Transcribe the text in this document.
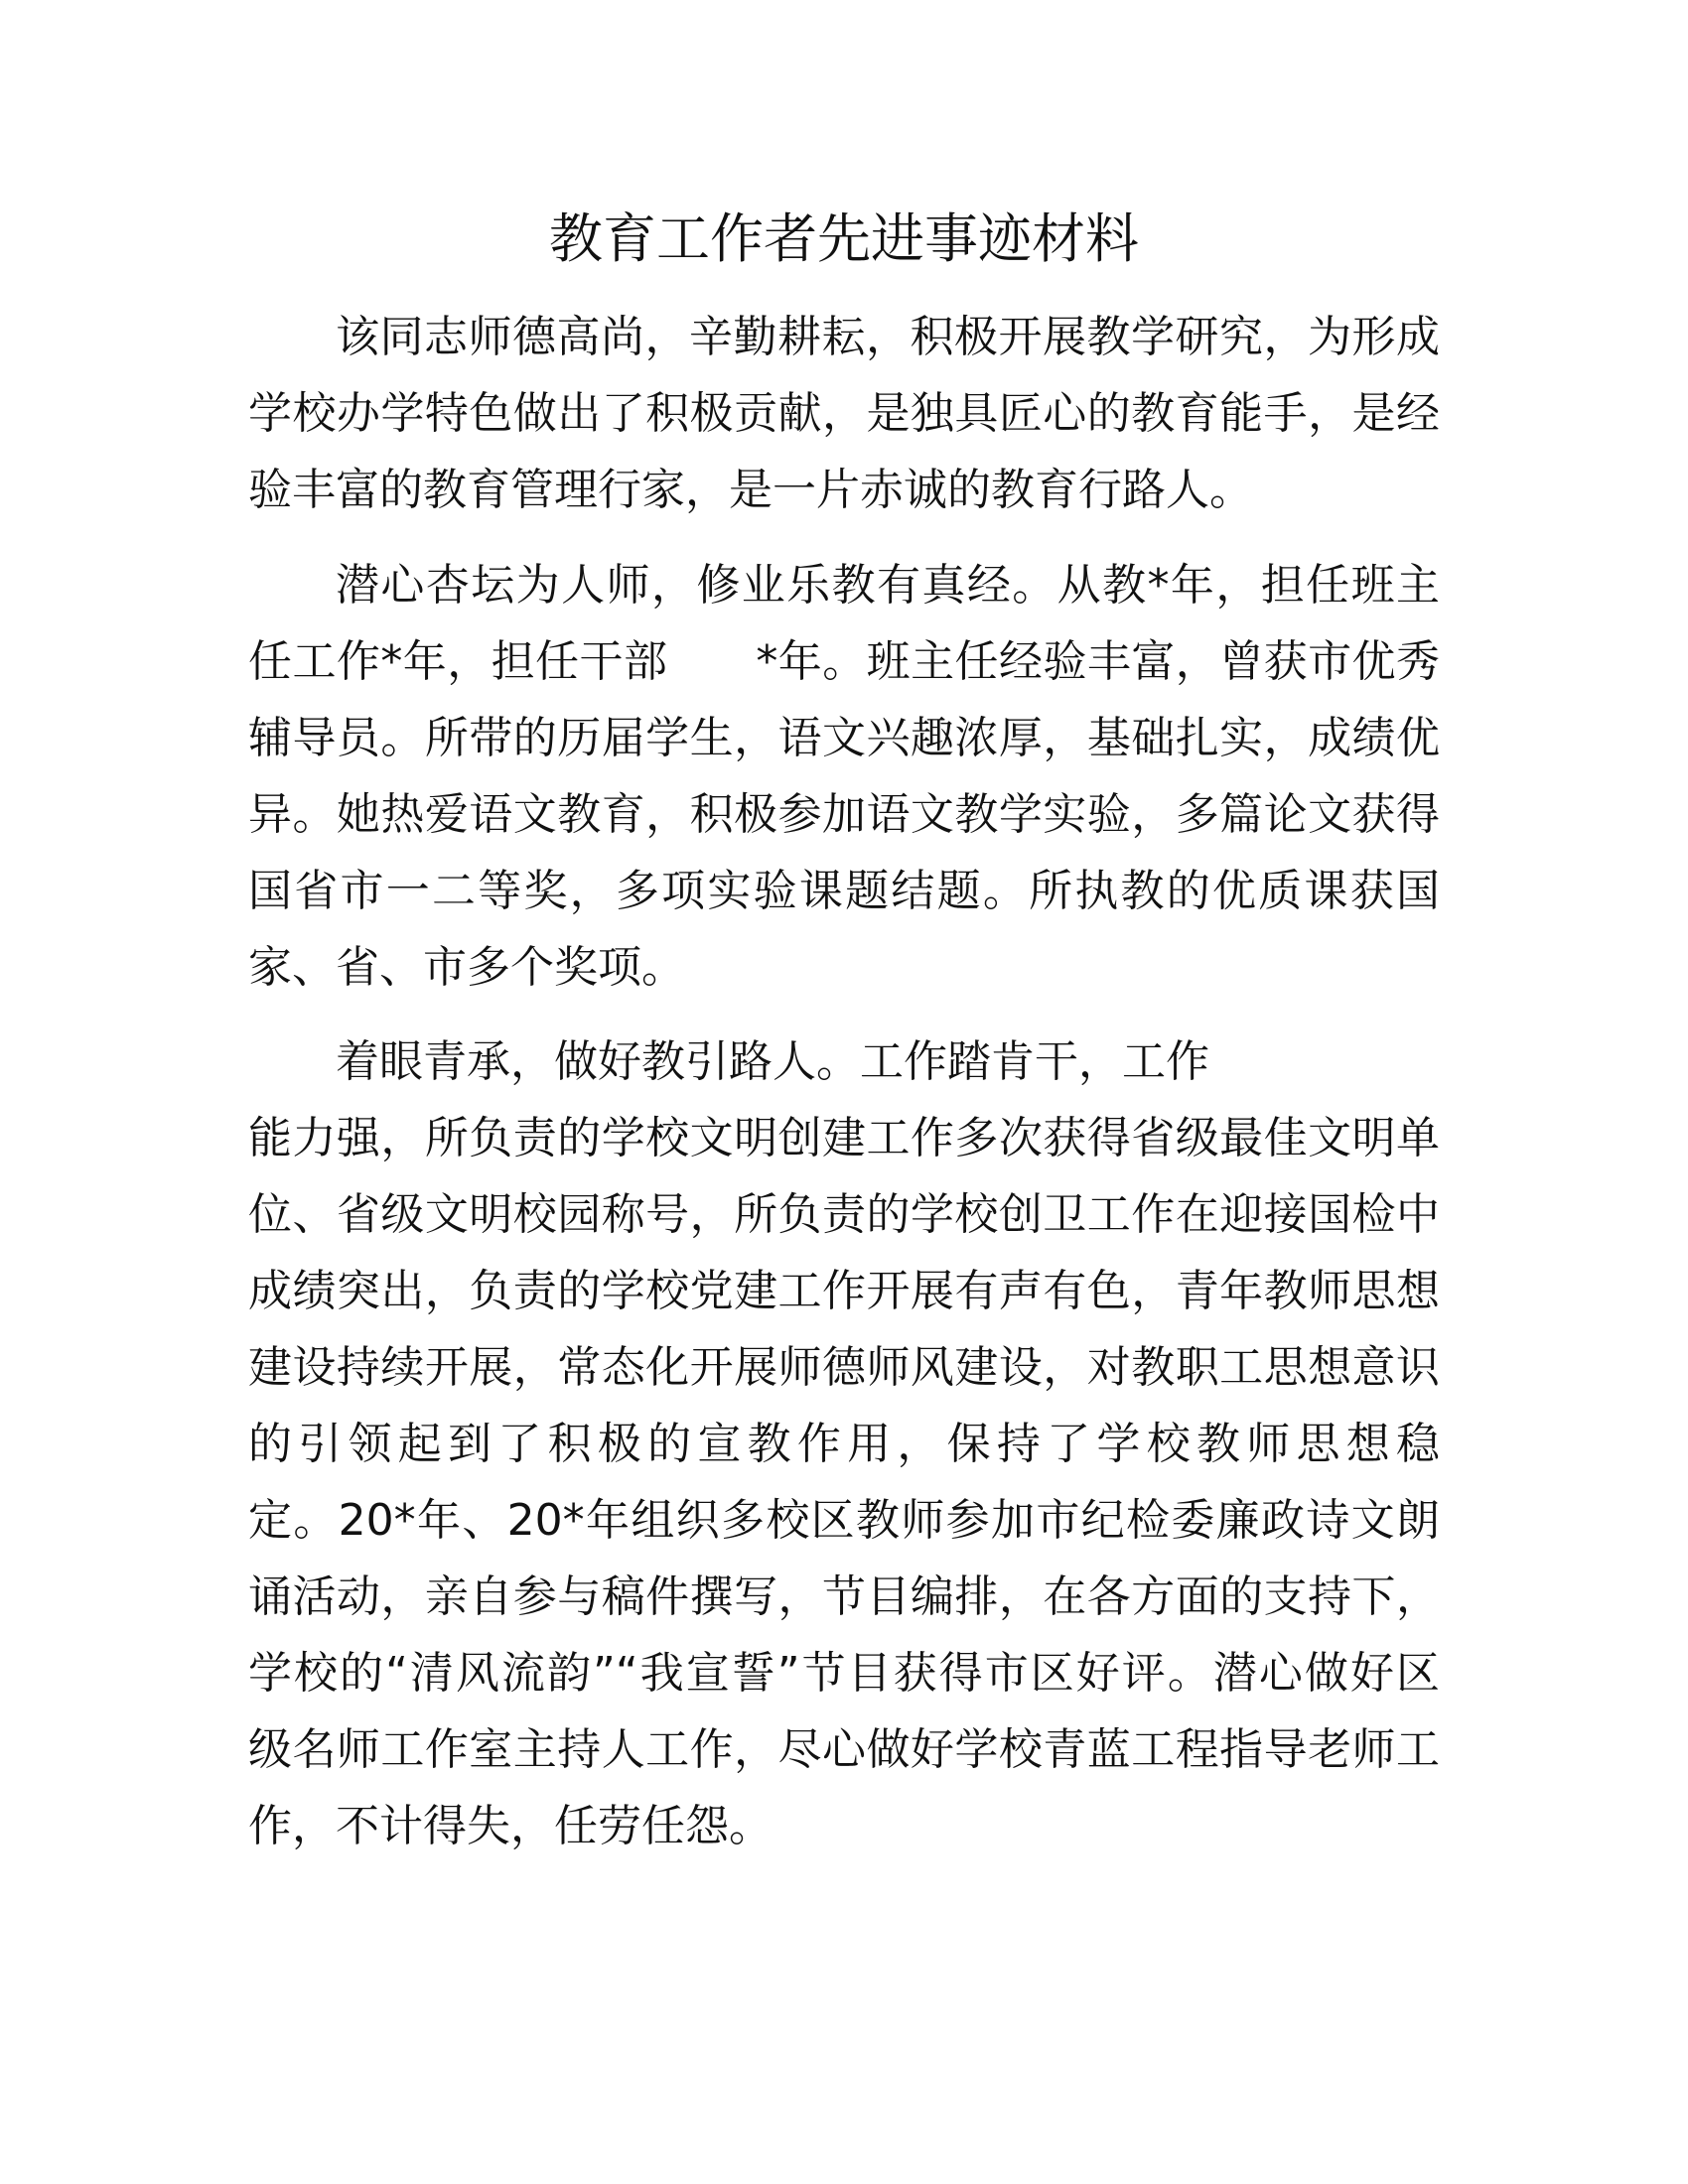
教育工作者先进事迹材料

该同志师德高尚，辛勤耕耘，积极开展教学研究，为形成

学校办学特色做出了积极贡献，是独具匠心的教育能手，是经

验丰富的教育管理行家，是一片赤诚的教育行路人。

潜心杏坛为人师，修业乐教有真经。从教*年，担任班主

任工作*年，担任干部　　*年。班主任经验丰富，曾获市优秀

辅导员。所带的历届学生，语文兴趣浓厚，基础扎实，成绩优

异。她热爱语文教育，积极参加语文教学实验，多篇论文获得

国省市一二等奖，多项实验课题结题。所执教的优质课获国

家、省、市多个奖项。

着眼青承，做好教引路人。工作踏肯干，工作

能力强，所负责的学校文明创建工作多次获得省级最佳文明单

位、省级文明校园称号，所负责的学校创卫工作在迎接国检中

成绩突出，负责的学校党建工作开展有声有色，青年教师思想

建设持续开展，常态化开展师德师风建设，对教职工思想意识

的引领起到了积极的宣教作用，保持了学校教师思想稳

定。20*年、20*年组织多校区教师参加市纪检委廉政诗文朗

诵活动，亲自参与稿件撰写，节目编排，在各方面的支持下，

学校的“清风流韵”“我宣誓”节目获得市区好评。潜心做好区

级名师工作室主持人工作，尽心做好学校青蓝工程指导老师工

作，不计得失，任劳任怨。
